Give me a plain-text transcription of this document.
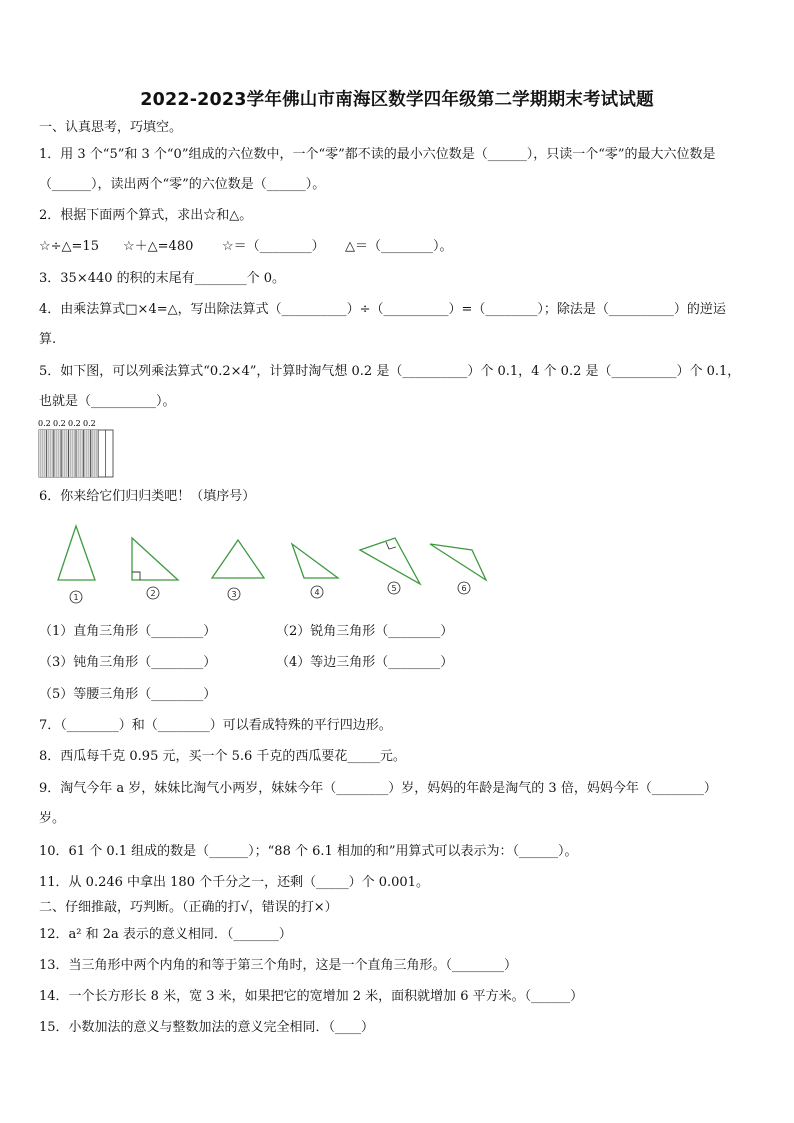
2022-2023学年佛山市南海区数学四年级第二学期期末考试试题
一、认真思考，巧填空。
1．用 3 个“5”和 3 个“0”组成的六位数中，一个“零”都不读的最小六位数是（______），只读一个“零”的最大六位数是
（______），读出两个“零”的六位数是（______）。
2．根据下面两个算式，求出☆和△。
☆÷△=15 ☆＋△=480 ☆＝（________） △＝（________）。
3．35×440 的积的末尾有________个 0。
4．由乘法算式□×4=△，写出除法算式（__________）÷（__________）=（________）；除法是（__________）的逆运
算.
5．如下图，可以列乘法算式“0.2×4”，计算时淘气想 0.2 是（__________）个 0.1，4 个 0.2 是（__________）个 0.1，
也就是（__________）。
0.2 0.2 0.2 0.2
6．你来给它们归归类吧！（填序号）
1	2	3	4	5	6
（1）直角三角形（________）	（2）锐角三角形（________）
（3）钝角三角形（________）	（4）等边三角形（________）
（5）等腰三角形（________）
7．（________）和（________）可以看成特殊的平行四边形。
8．西瓜每千克 0.95 元，买一个 5.6 千克的西瓜要花_____元。
9．淘气今年 a 岁，妹妹比淘气小两岁，妹妹今年（________）岁，妈妈的年龄是淘气的 3 倍，妈妈今年（________）
岁。
10．61 个 0.1 组成的数是（______）；“88 个 6.1 相加的和”用算式可以表示为：（______）。
11．从 0.246 中拿出 180 个千分之一，还剩（_____）个 0.001。
二、仔细推敲，巧判断。（正确的打√，错误的打×）
12．a² 和 2a 表示的意义相同．（_______）
13．当三角形中两个内角的和等于第三个角时，这是一个直角三角形。（________）
14．一个长方形长 8 米，宽 3 米，如果把它的宽增加 2 米，面积就增加 6 平方米。（______）
15．小数加法的意义与整数加法的意义完全相同．（____）
